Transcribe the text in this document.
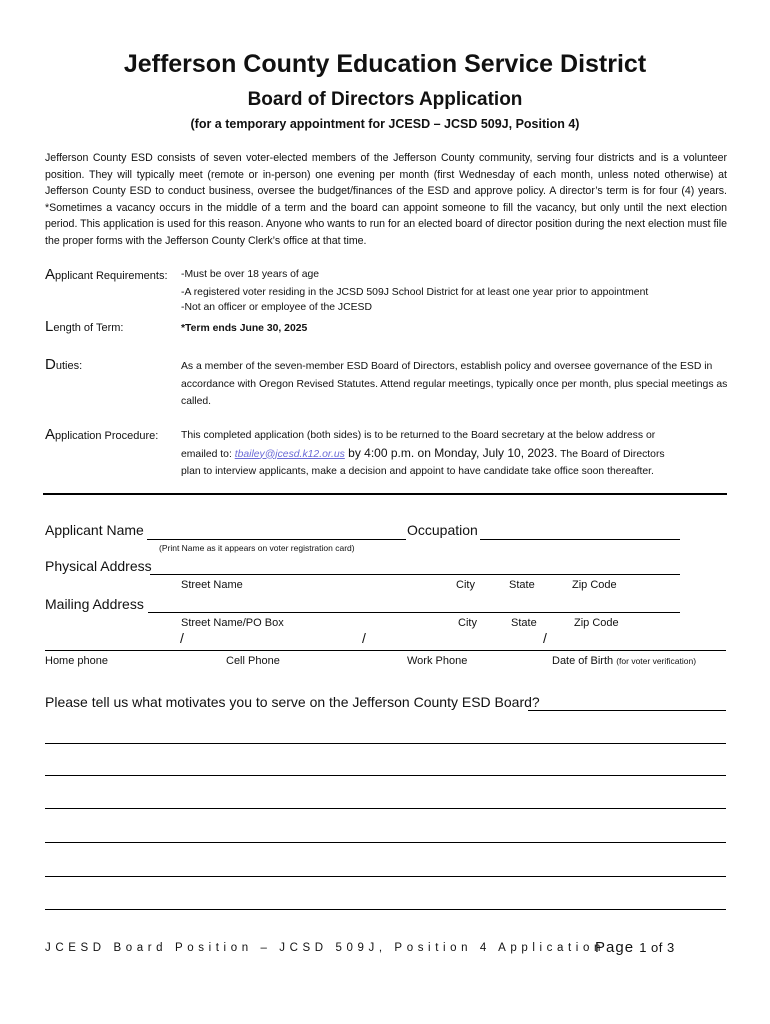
Jefferson County Education Service District
Board of Directors Application
(for a temporary appointment for JCESD – JCSD 509J, Position 4)
Jefferson County ESD consists of seven voter-elected members of the Jefferson County community, serving four districts and is a volunteer position. They will typically meet (remote or in-person) one evening per month (first Wednesday of each month, unless noted otherwise) at Jefferson County ESD to conduct business, oversee the budget/finances of the ESD and approve policy. A director’s term is for four (4) years. *Sometimes a vacancy occurs in the middle of a term and the board can appoint someone to fill the vacancy, but only until the next election period. This application is used for this reason. Anyone who wants to run for an elected board of director position during the next election must file the proper forms with the Jefferson County Clerk’s office at that time.
Applicant Requirements: -Must be over 18 years of age
-A registered voter residing in the JCSD 509J School District for at least one year prior to appointment
-Not an officer or employee of the JCESD
Length of Term:	*Term ends June 30, 2025
Duties:	As a member of the seven-member ESD Board of Directors, establish policy and oversee governance of the ESD in accordance with Oregon Revised Statutes. Attend regular meetings, typically once per month, plus special meetings as called.
Application Procedure: This completed application (both sides) is to be returned to the Board secretary at the below address or
emailed to: tbailey@jcesd.k12.or.us by 4:00 p.m. on Monday, July 10, 2023. The Board of Directors
plan to interview applicants, make a decision and appoint to have candidate take office soon thereafter.
Applicant Name	Occupation
(Print Name as it appears on voter registration card)
Physical Address
Street Name	City	State	Zip Code
Mailing Address
Street Name/PO Box	City	State	Zip Code
/	/	/
Home phone	Cell Phone	Work Phone	Date of Birth (for voter verification)
Please tell us what motivates you to serve on the Jefferson County ESD Board?
JCESD Board Position – JCSD 509J, Position 4 Application
Page 1 of 3
